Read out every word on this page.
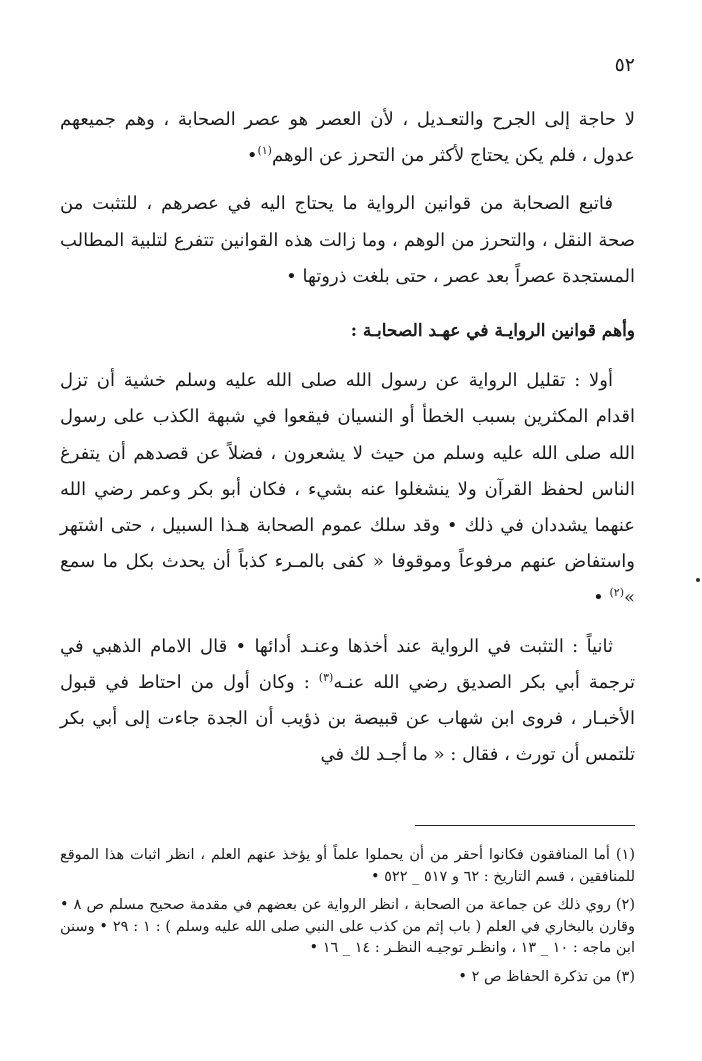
٥٢

لا حاجة إلى الجرح والتعـديل ، لأن العصر هو عصر الصحابة ، وهم جميعهم عدول ، فلم يكن يحتاج لأكثر من التحرز عن الوهم$^{(١)}$•

فاتبع الصحابة من قوانين الرواية ما يحتاج اليه في عصرهم ، للتثبت من صحة النقل ، والتحرز من الوهم ، وما زالت هذه القوانين تتفرع لتلبية المطالب المستجدة عصراً بعد عصر ، حتى بلغت ذروتها •

وأهم قوانين الروايـة في عهـد الصحابـة :

أولا : تقليل الرواية عن رسول الله صلى الله عليه وسلم خشية أن تزل اقدام المكثرين بسبب الخطأ أو النسيان فيقعوا في شبهة الكذب على رسول الله صلى الله عليه وسلم من حيث لا يشعرون ، فضلاً عن قصدهم أن يتفرغ الناس لحفظ القرآن ولا ينشغلوا عنه بشيء ، فكان أبو بكر وعمر رضي الله عنهما يشددان في ذلك • وقد سلك عموم الصحابة هـذا السبيل ، حتى اشتهر واستفاض عنهم مرفوعاً وموقوفا « كفى بالمـرء كذباً أن يحدث بكل ما سمع »$^{(٢)}$ •

ثانياً : التثبت في الرواية عند أخذها وعنـد أدائها • قال الامام الذهبي في ترجمة أبي بكر الصديق رضي الله عنـه$^{(٣)}$ : وكان أول من احتاط في قبول الأخبـار ، فروى ابن شهاب عن قبيصة بن ذؤيب أن الجدة جاءت إلى أبي بكر تلتمس أن تورث ، فقال : « ما أجـد لك في

(١) أما المنافقون فكانوا أحقر من أن يحملوا علماً أو يؤخذ عنهم العلم ، انظر اثبات هذا الموقع للمنافقين ، قسم التاريخ : ٦٢ و ٥١٧ _ ٥٢٢ •

(٢) روي ذلك عن جماعة من الصحابة ، انظر الرواية عن بعضهم في مقدمة صحيح مسلم ص ٨ • وقارن بالبخاري في العلم ( باب إثم من كذب على النبي صلى الله عليه وسلم ) : ١ : ٢٩ • وسنن ابن ماجه : ١٠ _ ١٣ ، وانظـر توجيـه النظـر : ١٤ _ ١٦ •

(٣) من تذكرة الحفاظ ص ٢ •
